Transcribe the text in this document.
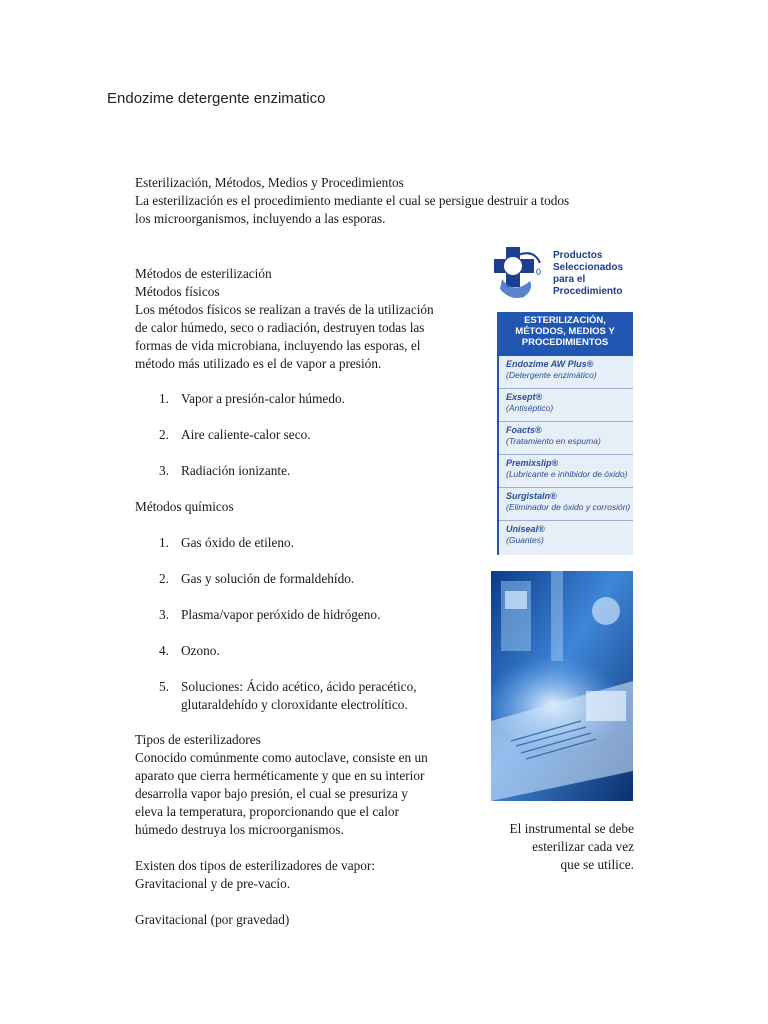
Endozime detergente enzimatico
Esterilización, Métodos, Medios y Procedimientos
La esterilización es el procedimiento mediante el cual se persigue destruir a todos
los microorganismos, incluyendo a las esporas.
Métodos de esterilización
Métodos físicos
Los métodos físicos se realizan a través de la utilización
de calor húmedo, seco o radiación, destruyen todas las
formas de vida microbiana, incluyendo las esporas, el
método más utilizado es el de vapor a presión.
1. Vapor a presión-calor húmedo.
2. Aire caliente-calor seco.
3. Radiación ionizante.
Métodos químicos
1. Gas óxido de etileno.
2. Gas y solución de formaldehído.
3. Plasma/vapor peróxido de hidrógeno.
4. Ozono.
5. Soluciones: Ácido acético, ácido peracético,
glutaraldehído y cloroxidante electrolítico.
Tipos de esterilizadores
Conocido comúnmente como autoclave, consiste en un
aparato que cierra herméticamente y que en su interior
desarrolla vapor bajo presión, el cual se presuriza y
eleva la temperatura, proporcionando que el calor
húmedo destruya los microorganismos.
Existen dos tipos de esterilizadores de vapor:
Gravitacional y de pre-vacío.
Gravitacional (por gravedad)
0
Productos
Seleccionados
para el
Procedimiento
ESTERILIZACIÓN,
MÉTODOS, MEDIOS Y
PROCEDIMIENTOS
Endozime AW Plus®
(Detergente enzimático)
Exsept®
(Antiséptico)
Foacts®
(Tratamiento en espuma)
Premixslip®
(Lubricante e inhibidor de óxido)
Surgistain®
(Eliminador de óxido y corrosión)
Uniseal®
(Guantes)
El instrumental se debe
esterilizar cada vez
que se utilice.
